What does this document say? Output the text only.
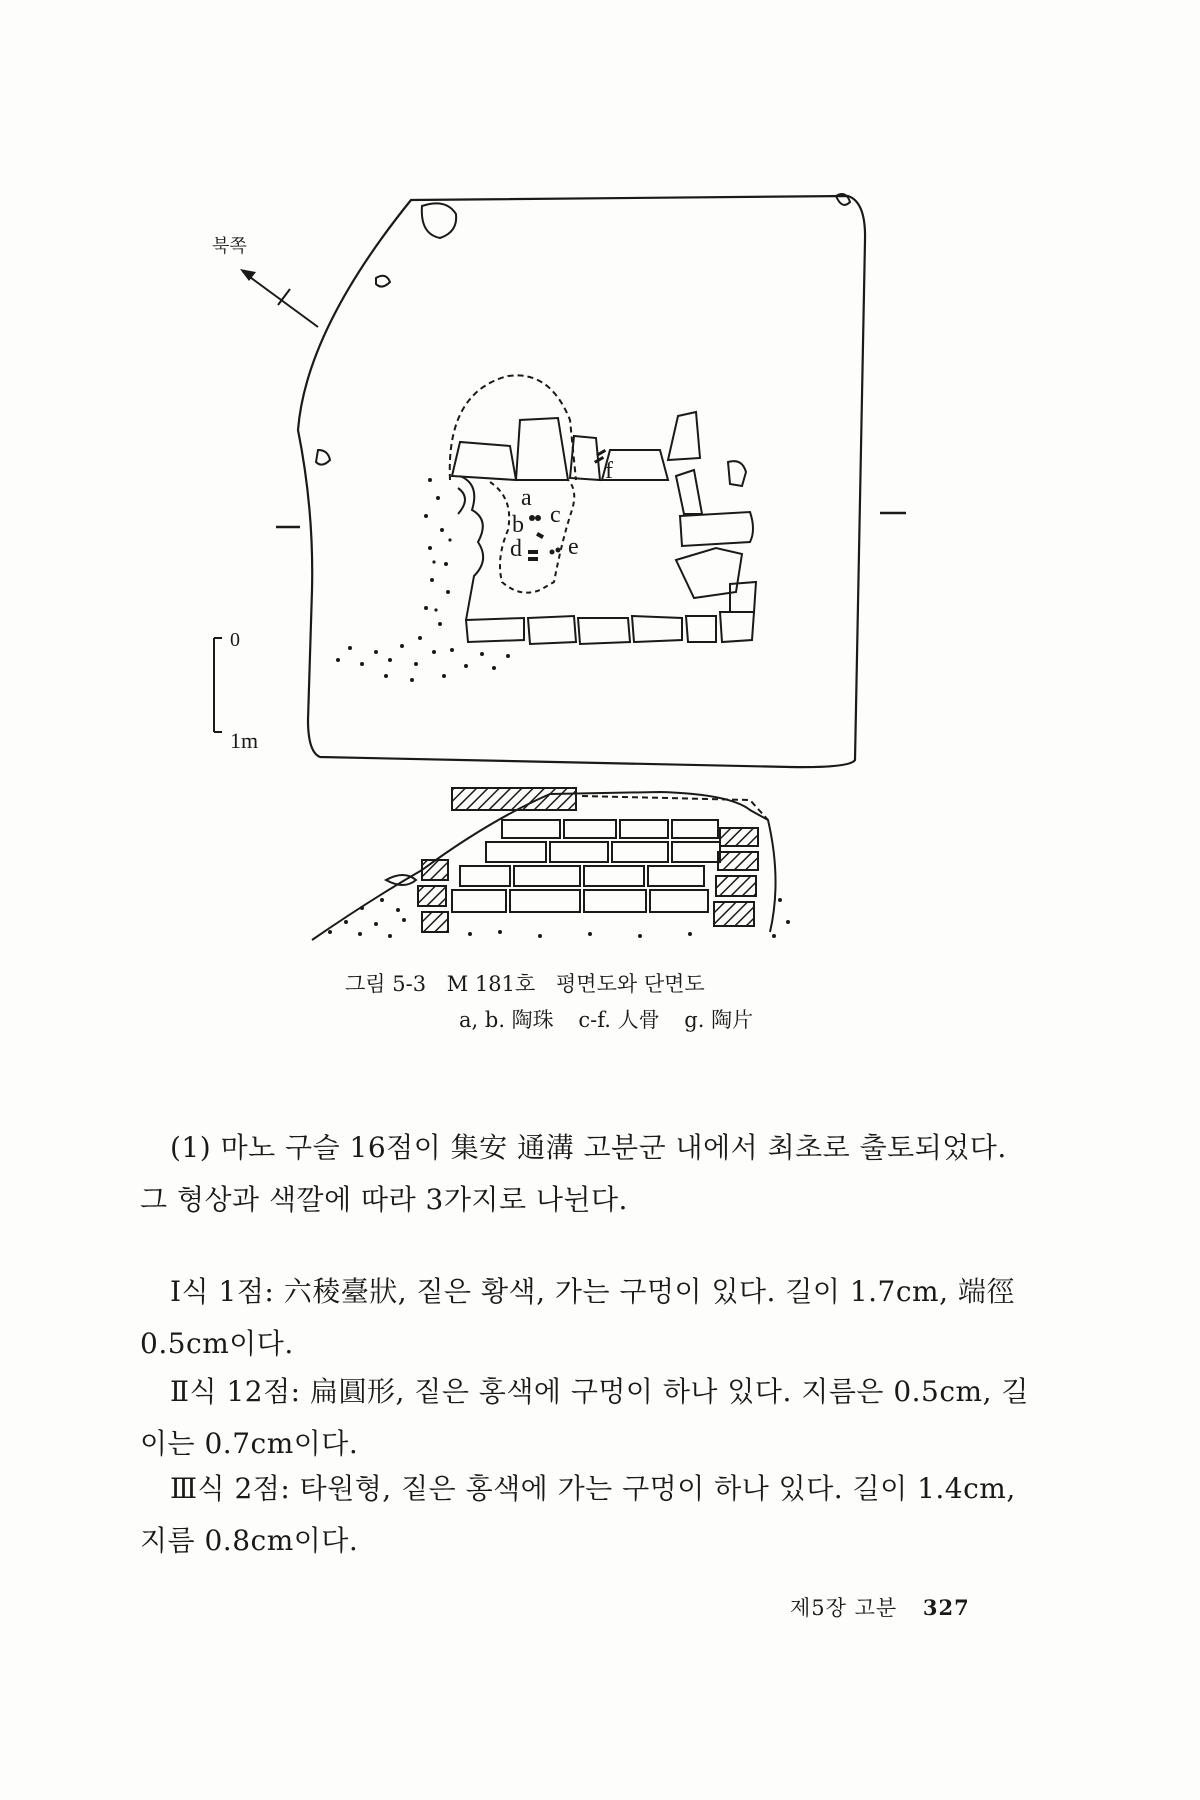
북쪽
a
b c
d e
f
0
1m
그림 5-3 M 181호 평면도와 단면도
a, b. 陶珠 c-f. 人骨 g. 陶片

(1) 마노 구슬 16점이 集安 通溝 고분군 내에서 최초로 출토되었다. 그 형상과 색깔에 따라 3가지로 나뉜다.

Ⅰ식 1점: 六稜臺狀, 짙은 황색, 가는 구멍이 있다. 길이 1.7cm, 端徑 0.5cm이다.

Ⅱ식 12점: 扁圓形, 짙은 홍색에 구멍이 하나 있다. 지름은 0.5cm, 길이는 0.7cm이다.

Ⅲ식 2점: 타원형, 짙은 홍색에 가는 구멍이 하나 있다. 길이 1.4cm, 지름 0.8cm이다.

제5장 고분 327
